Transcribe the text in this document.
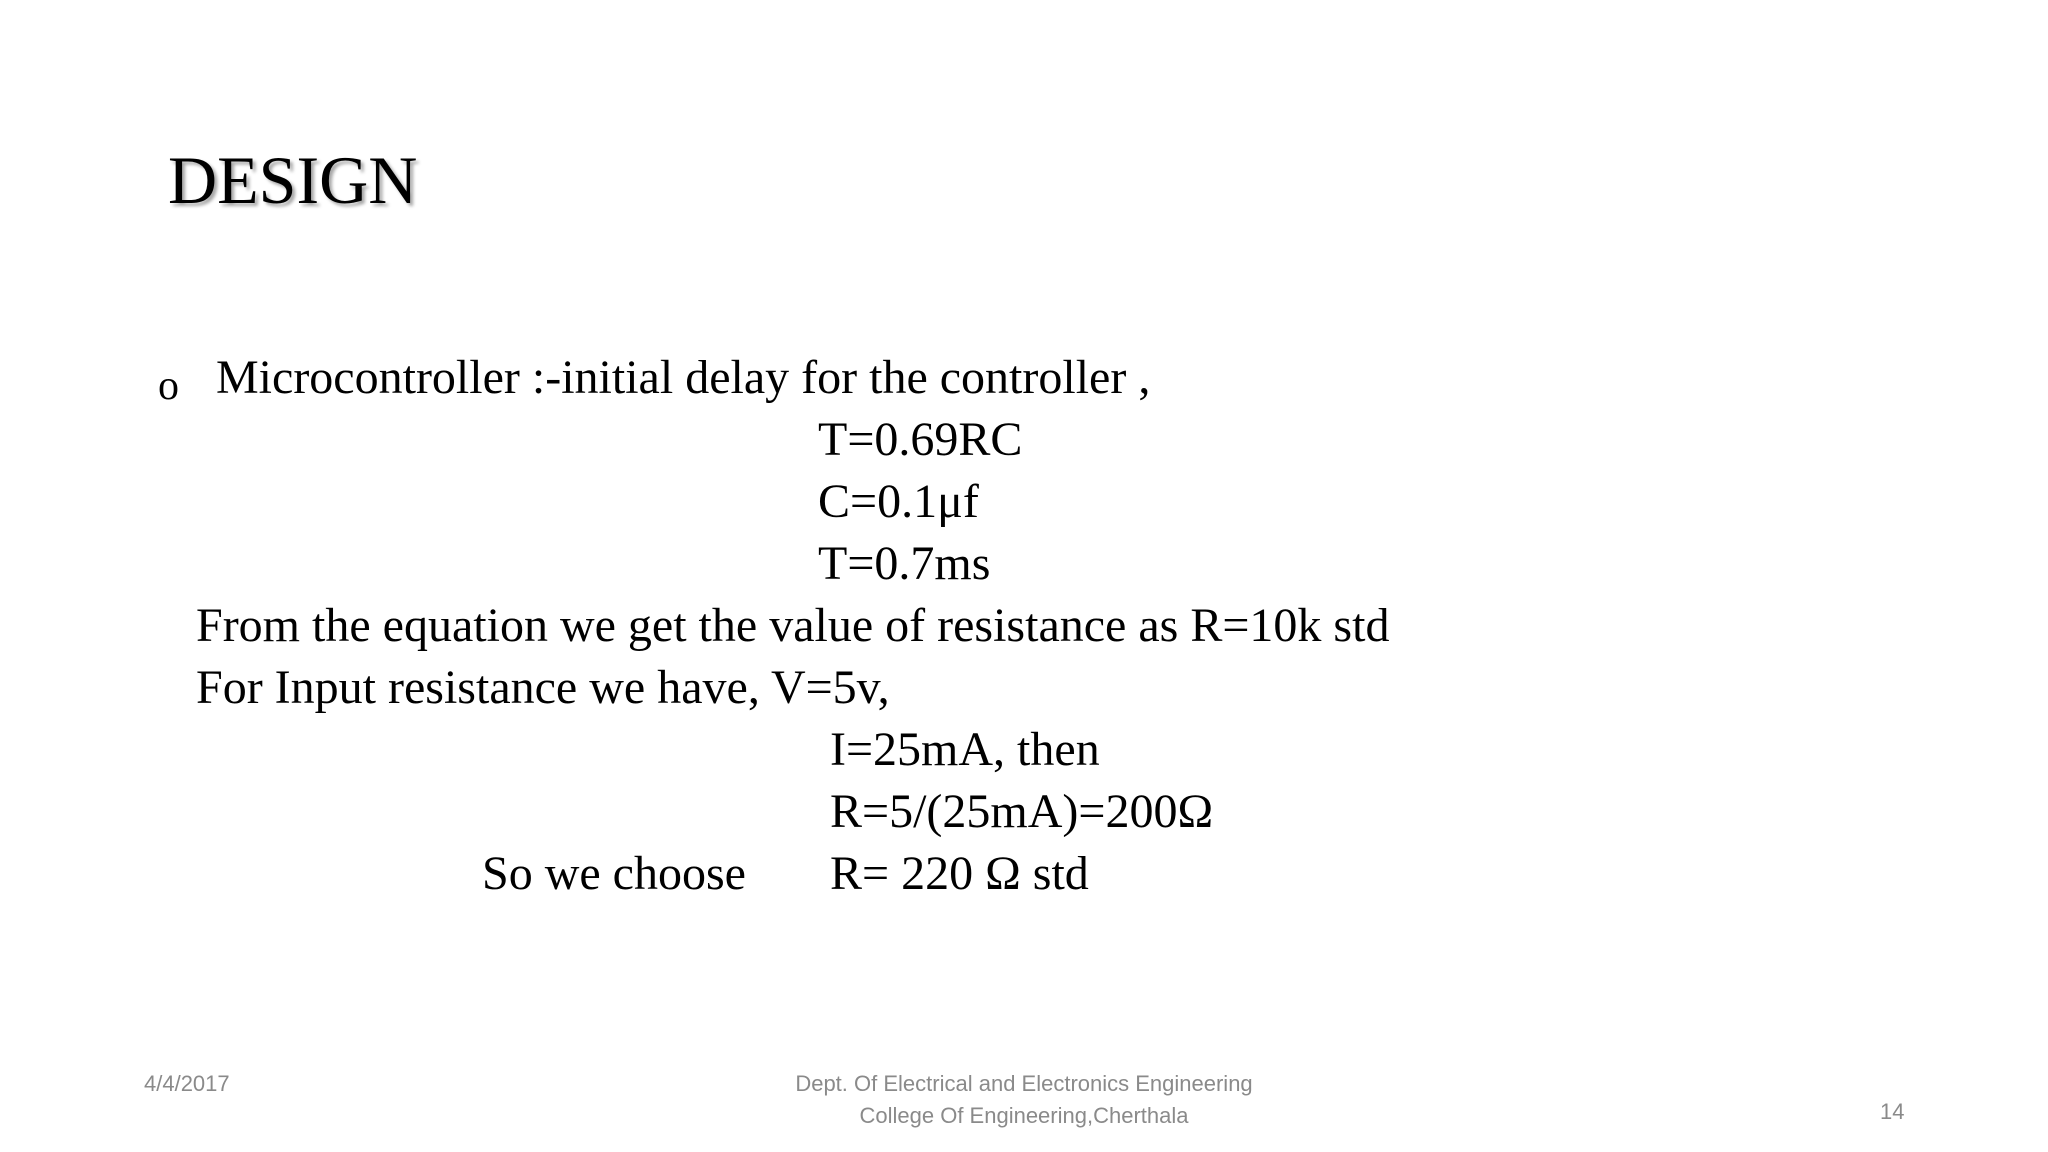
DESIGN
o Microcontroller :-initial delay for the controller ,
T=0.69RC
C=0.1μf
T=0.7ms
From the equation we get the value of resistance as R=10k std
For Input resistance we have, V=5v,
I=25mA, then
R=5/(25mA)=200Ω
So we choose R= 220 Ω std
4/4/2017	Dept. Of Electrical and Electronics Engineering
College Of Engineering,Cherthala	14
